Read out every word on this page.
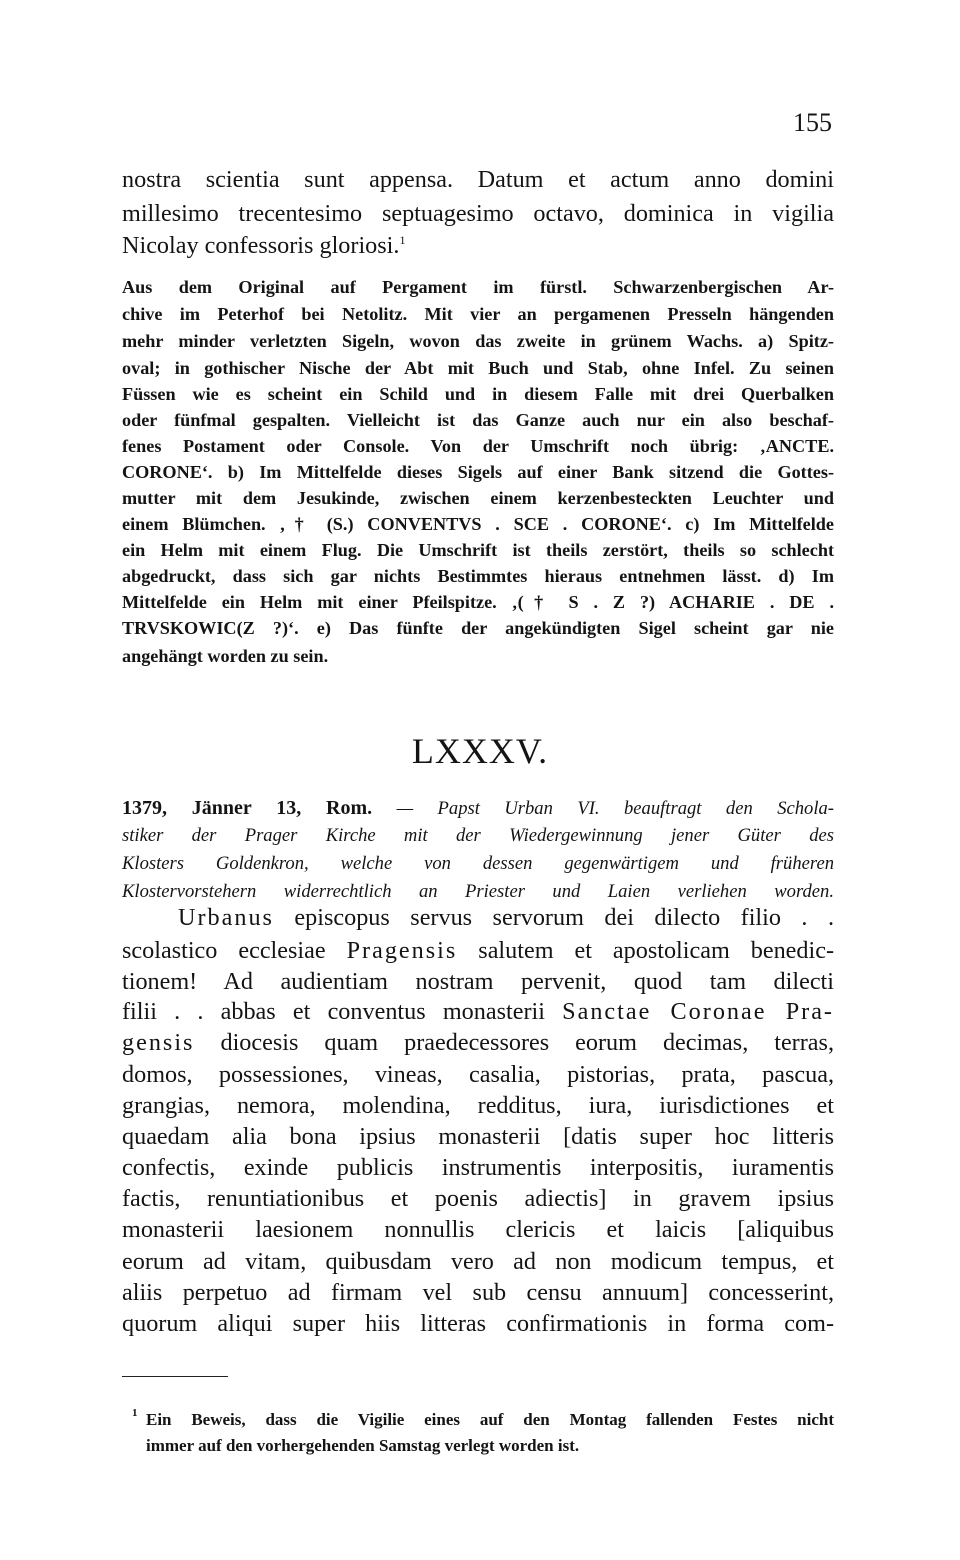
155
nostra scientia sunt appensa. Datum et actum anno domini
millesimo trecentesimo septuagesimo octavo, dominica in vigilia
Nicolay confessoris gloriosi.$^1$
Aus dem Original auf Pergament im fürstl. Schwarzenbergischen Ar-
chive im Peterhof bei Netolitz. Mit vier an pergamenen Presseln hängenden
mehr minder verletzten Sigeln, wovon das zweite in grünem Wachs. a) Spitz-
oval; in gothischer Nische der Abt mit Buch und Stab, ohne Infel. Zu seinen
Füssen wie es scheint ein Schild und in diesem Falle mit drei Querbalken
oder fünfmal gespalten. Vielleicht ist das Ganze auch nur ein also beschaf-
fenes Postament oder Console. Von der Umschrift noch übrig: ‚ANCTE.
CORONE‘. b) Im Mittelfelde dieses Sigels auf einer Bank sitzend die Gottes-
mutter mit dem Jesukinde, zwischen einem kerzenbesteckten Leuchter und
einem Blümchen. ‚† (S.) CONVENTVS . SCE . CORONE‘. c) Im Mittelfelde
ein Helm mit einem Flug. Die Umschrift ist theils zerstört, theils so schlecht
abgedruckt, dass sich gar nichts Bestimmtes hieraus entnehmen lässt. d) Im
Mittelfelde ein Helm mit einer Pfeilspitze. ‚(† S . Z ?) ACHARIE . DE .
TRVSKOWIC(Z ?)‘. e) Das fünfte der angekündigten Sigel scheint gar nie
angehängt worden zu sein.
LXXXV.
1379, Jänner 13, Rom. — Papst Urban VI. beauftragt den Schola-
stiker der Prager Kirche mit der Wiedergewinnung jener Güter des
Klosters Goldenkron, welche von dessen gegenwärtigem und früheren
Klostervorstehern widerrechtlich an Priester und Laien verliehen worden.
Urbanus episcopus servus servorum dei dilecto filio . .
scolastico ecclesiae Pragensis salutem et apostolicam benedic-
tionem! Ad audientiam nostram pervenit, quod tam dilecti
filii . . abbas et conventus monasterii Sanctae Coronae Pra-
gensis diocesis quam praedecessores eorum decimas, terras,
domos, possessiones, vineas, casalia, pistorias, prata, pascua,
grangias, nemora, molendina, redditus, iura, iurisdictiones et
quaedam alia bona ipsius monasterii [datis super hoc litteris
confectis, exinde publicis instrumentis interpositis, iuramentis
factis, renuntiationibus et poenis adiectis] in gravem ipsius
monasterii laesionem nonnullis clericis et laicis [aliquibus
eorum ad vitam, quibusdam vero ad non modicum tempus, et
aliis perpetuo ad firmam vel sub censu annuum] concesserint,
quorum aliqui super hiis litteras confirmationis in forma com-
1 Ein Beweis, dass die Vigilie eines auf den Montag fallenden Festes nicht
immer auf den vorhergehenden Samstag verlegt worden ist.
